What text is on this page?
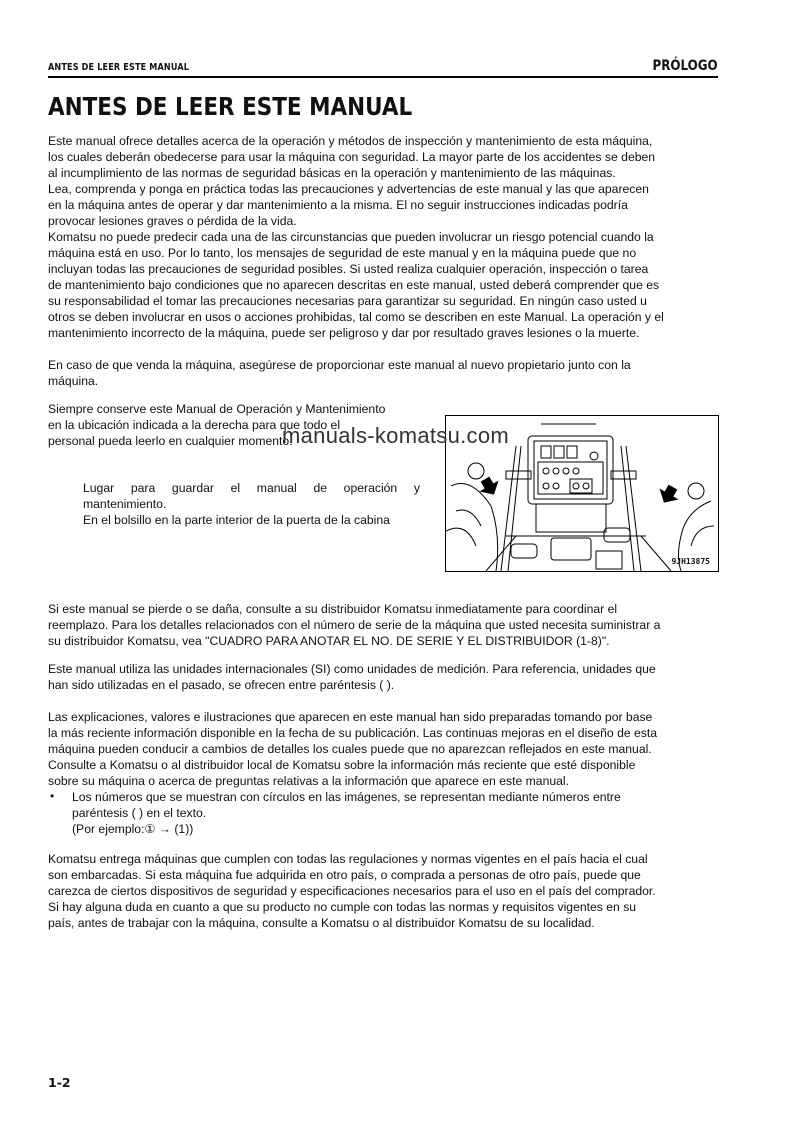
ANTES DE LEER ESTE MANUAL	PRÓLOGO
ANTES DE LEER ESTE MANUAL
Este manual ofrece detalles acerca de la operación y métodos de inspección y mantenimiento de esta máquina,
los cuales deberán obedecerse para usar la máquina con seguridad. La mayor parte de los accidentes se deben
al incumplimiento de las normas de seguridad básicas en la operación y mantenimiento de las máquinas.
Lea, comprenda y ponga en práctica todas las precauciones y advertencias de este manual y las que aparecen
en la máquina antes de operar y dar mantenimiento a la misma. El no seguir instrucciones indicadas podría
provocar lesiones graves o pérdida de la vida.
Komatsu no puede predecir cada una de las circunstancias que pueden involucrar un riesgo potencial cuando la
máquina está en uso. Por lo tanto, los mensajes de seguridad de este manual y en la máquina puede que no
incluyan todas las precauciones de seguridad posibles. Si usted realiza cualquier operación, inspección o tarea
de mantenimiento bajo condiciones que no aparecen descritas en este manual, usted deberá comprender que es
su responsabilidad el tomar las precauciones necesarias para garantizar su seguridad. En ningún caso usted u
otros se deben involucrar en usos o acciones prohibidas, tal como se describen en este Manual. La operación y el
mantenimiento incorrecto de la máquina, puede ser peligroso y dar por resultado graves lesiones o la muerte.
En caso de que venda la máquina, asegúrese de proporcionar este manual al nuevo propietario junto con la
máquina.
Siempre conserve este Manual de Operación y Mantenimiento
en la ubicación indicada a la derecha para que todo el
personal pueda leerlo en cualquier momento.
Lugar para guardar el manual de operación y
mantenimiento.
En el bolsillo en la parte interior de la puerta de la cabina
9JH13875
manuals-komatsu.com
Si este manual se pierde o se daña, consulte a su distribuidor Komatsu inmediatamente para coordinar el
reemplazo. Para los detalles relacionados con el número de serie de la máquina que usted necesita suministrar a
su distribuidor Komatsu, vea "CUADRO PARA ANOTAR EL NO. DE SERIE Y EL DISTRIBUIDOR (1-8)".
Este manual utiliza las unidades internacionales (SI) como unidades de medición. Para referencia, unidades que
han sido utilizadas en el pasado, se ofrecen entre paréntesis ( ).
Las explicaciones, valores e ilustraciones que aparecen en este manual han sido preparadas tomando por base
la más reciente información disponible en la fecha de su publicación. Las continuas mejoras en el diseño de esta
máquina pueden conducir a cambios de detalles los cuales puede que no aparezcan reflejados en este manual.
Consulte a Komatsu o al distribuidor local de Komatsu sobre la información más reciente que esté disponible
sobre su máquina o acerca de preguntas relativas a la información que aparece en este manual.
• Los números que se muestran con círculos en las imágenes, se representan mediante números entre
paréntesis ( ) en el texto.
(Por ejemplo:① → (1))
Komatsu entrega máquinas que cumplen con todas las regulaciones y normas vigentes en el país hacia el cual
son embarcadas. Si esta máquina fue adquirida en otro país, o comprada a personas de otro país, puede que
carezca de ciertos dispositivos de seguridad y especificaciones necesarios para el uso en el país del comprador.
Si hay alguna duda en cuanto a que su producto no cumple con todas las normas y requisitos vigentes en su
país, antes de trabajar con la máquina, consulte a Komatsu o al distribuidor Komatsu de su localidad.
1-2
